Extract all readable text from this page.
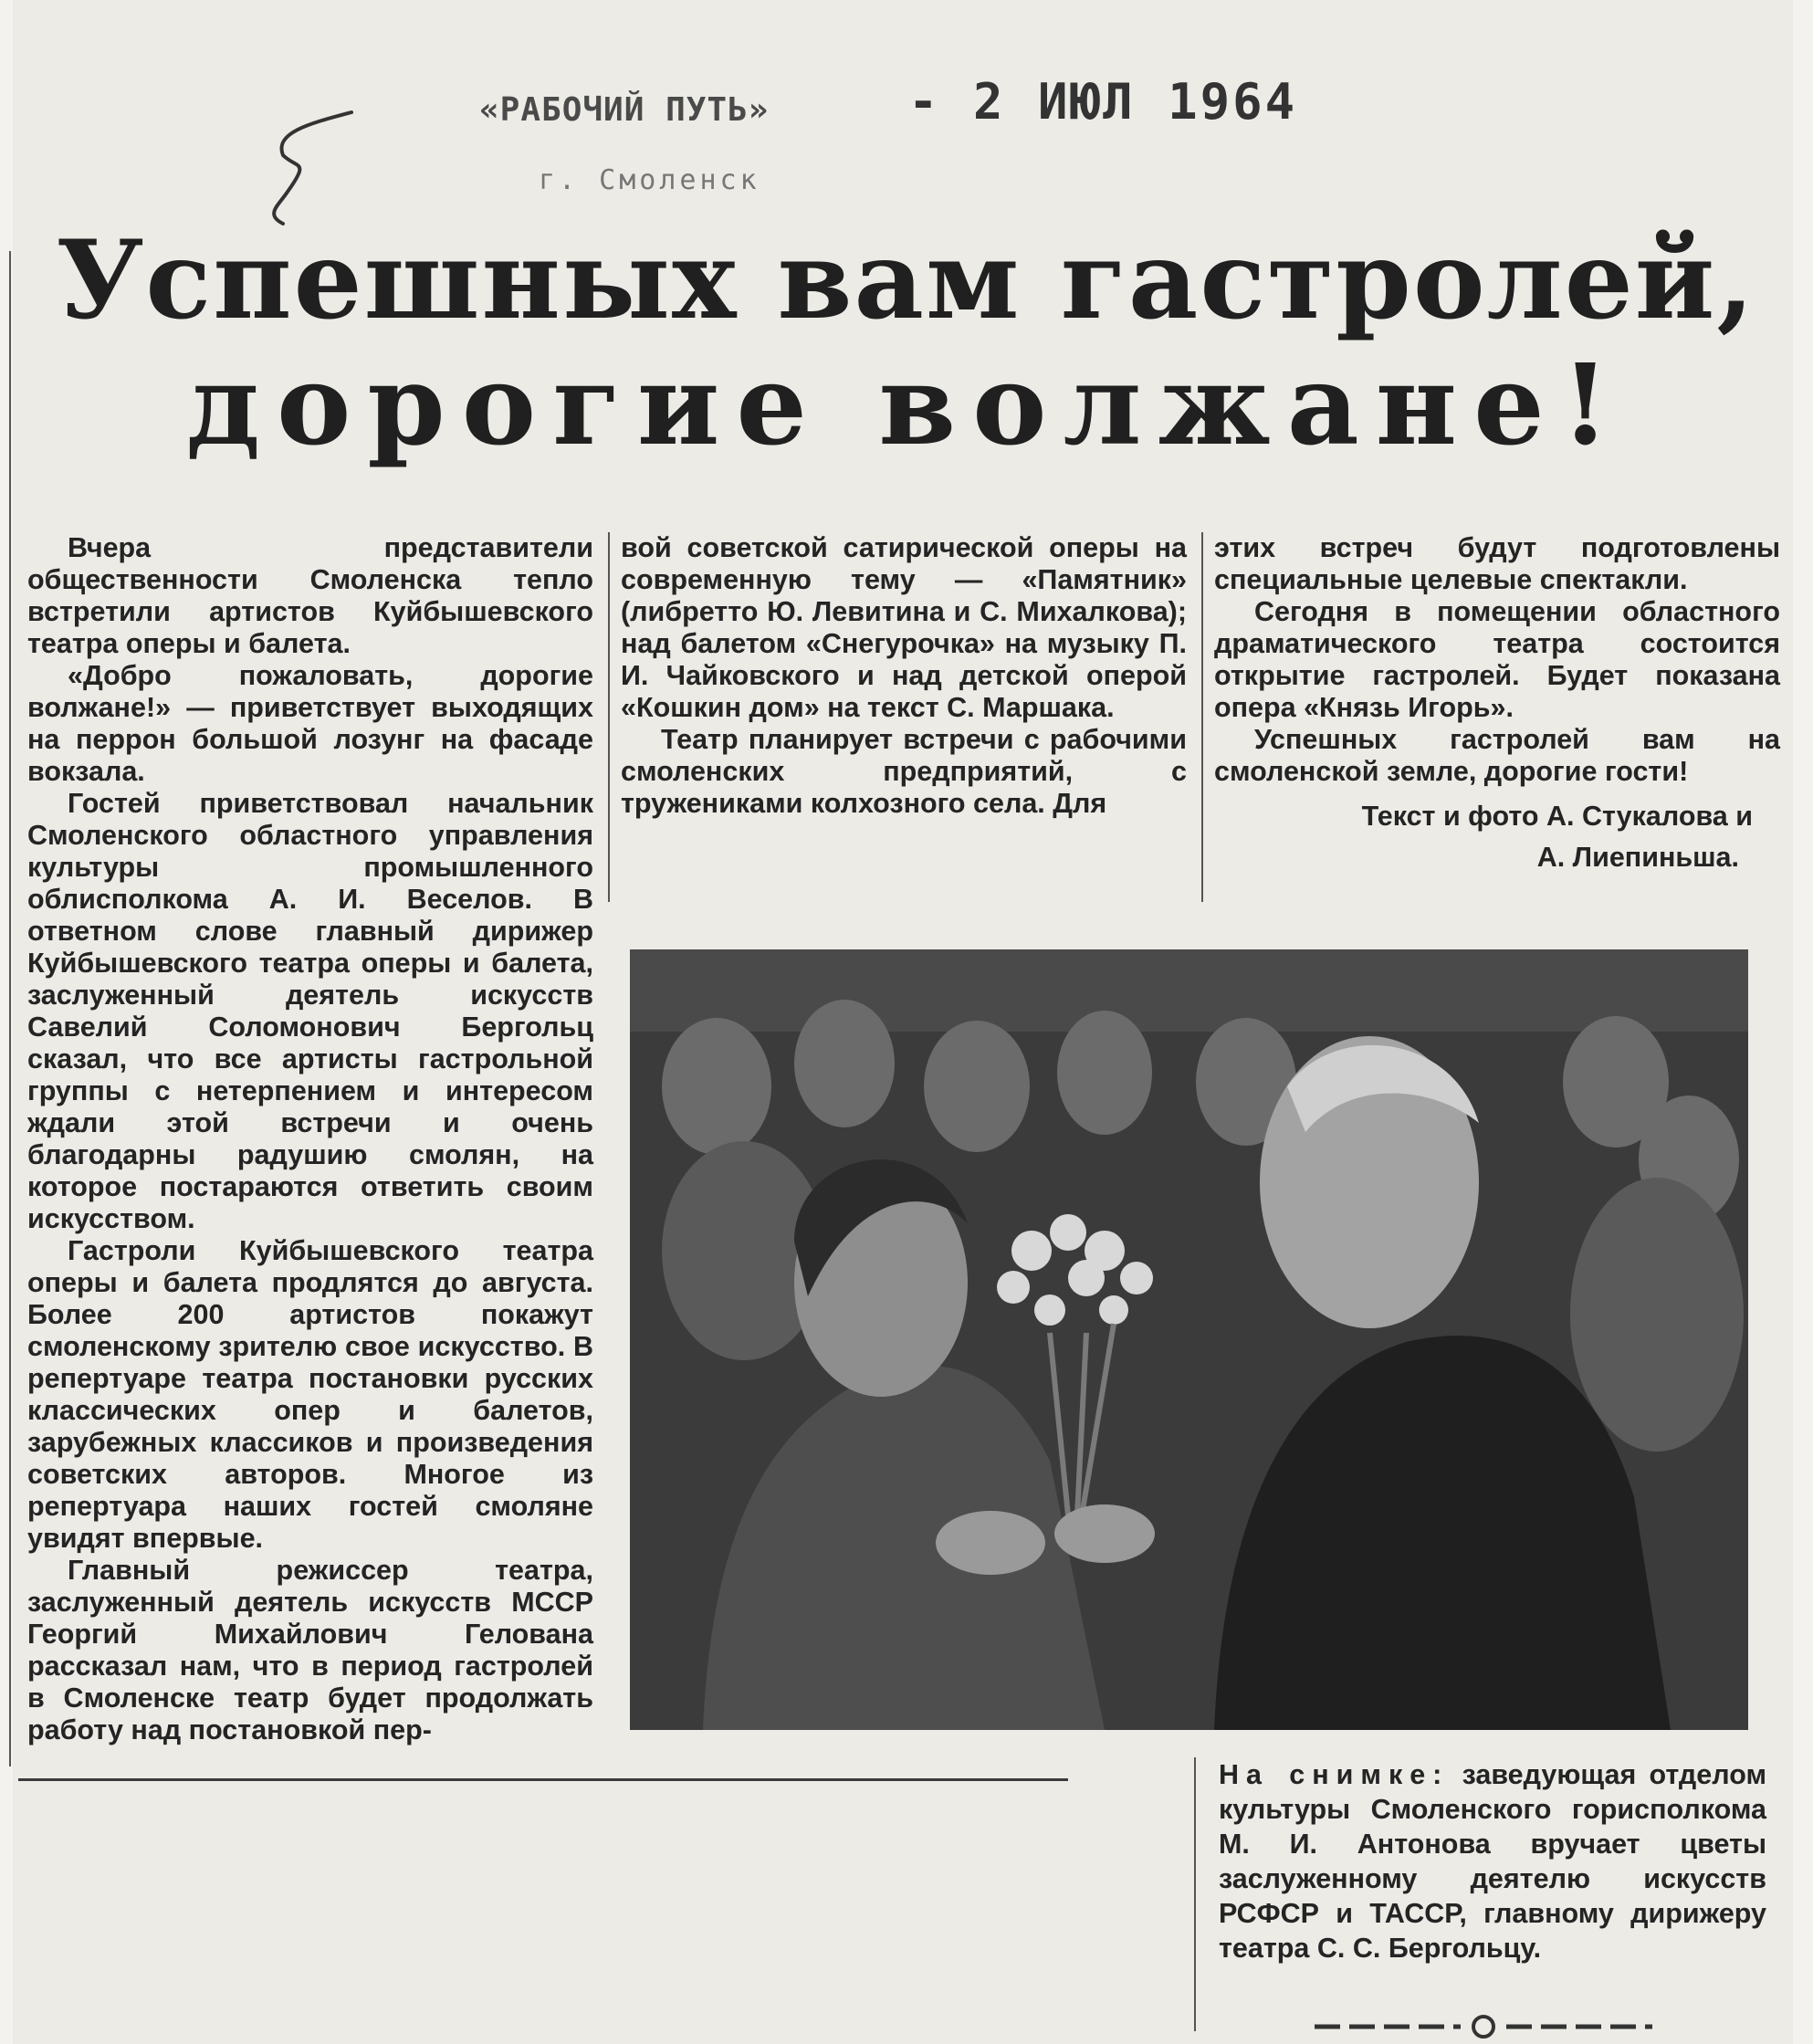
«РАБОЧИЙ ПУТЬ»
г. Смоленск
- 2 ИЮЛ 1964
Успешных вам гастролей,
дорогие волжане!

Вчера представители общественности Смоленска тепло встретили артистов Куйбышевского театра оперы и балета.

«Добро пожаловать, дорогие волжане!» — приветствует выходящих на перрон большой лозунг на фасаде вокзала.

Гостей приветствовал начальник Смоленского областного управления культуры промышленного облисполкома А. И. Веселов. В ответном слове главный дирижер Куйбышевского театра оперы и балета, заслуженный деятель искусств Савелий Соломонович Бергольц сказал, что все артисты гастрольной группы с нетерпением и интересом ждали этой встречи и очень благодарны радушию смолян, на которое постараются ответить своим искусством.

Гастроли Куйбышевского театра оперы и балета продлятся до августа. Более 200 артистов покажут смоленскому зрителю свое искусство. В репертуаре театра постановки русских классических опер и балетов, зарубежных классиков и произведения советских авторов. Многое из репертуара наших гостей смоляне увидят впервые.

Главный режиссер театра, заслуженный деятель искусств МССР Георгий Михайлович Гелована рассказал нам, что в период гастролей в Смоленске театр будет продолжать работу над постановкой пер-

вой советской сатирической оперы на современную тему — «Памятник» (либретто Ю. Левитина и С. Михалкова); над балетом «Снегурочка» на музыку П. И. Чайковского и над детской оперой «Кошкин дом» на текст С. Маршака.

Театр планирует встречи с рабочими смоленских предприятий, с тружениками колхозного села. Для

этих встреч будут подготовлены специальные целевые спектакли.

Сегодня в помещении областного драматического театра состоится открытие гастролей. Будет показана опера «Князь Игорь».

Успешных гастролей вам на смоленской земле, дорогие гости!

Текст и фото А. Стукалова и

А. Лиепиньша.

На снимке: заведующая отделом культуры Смоленского горисполкома М. И. Антонова вручает цветы заслуженному деятелю искусств РСФСР и ТАССР, главному дирижеру театра С. С. Бергольцу.
